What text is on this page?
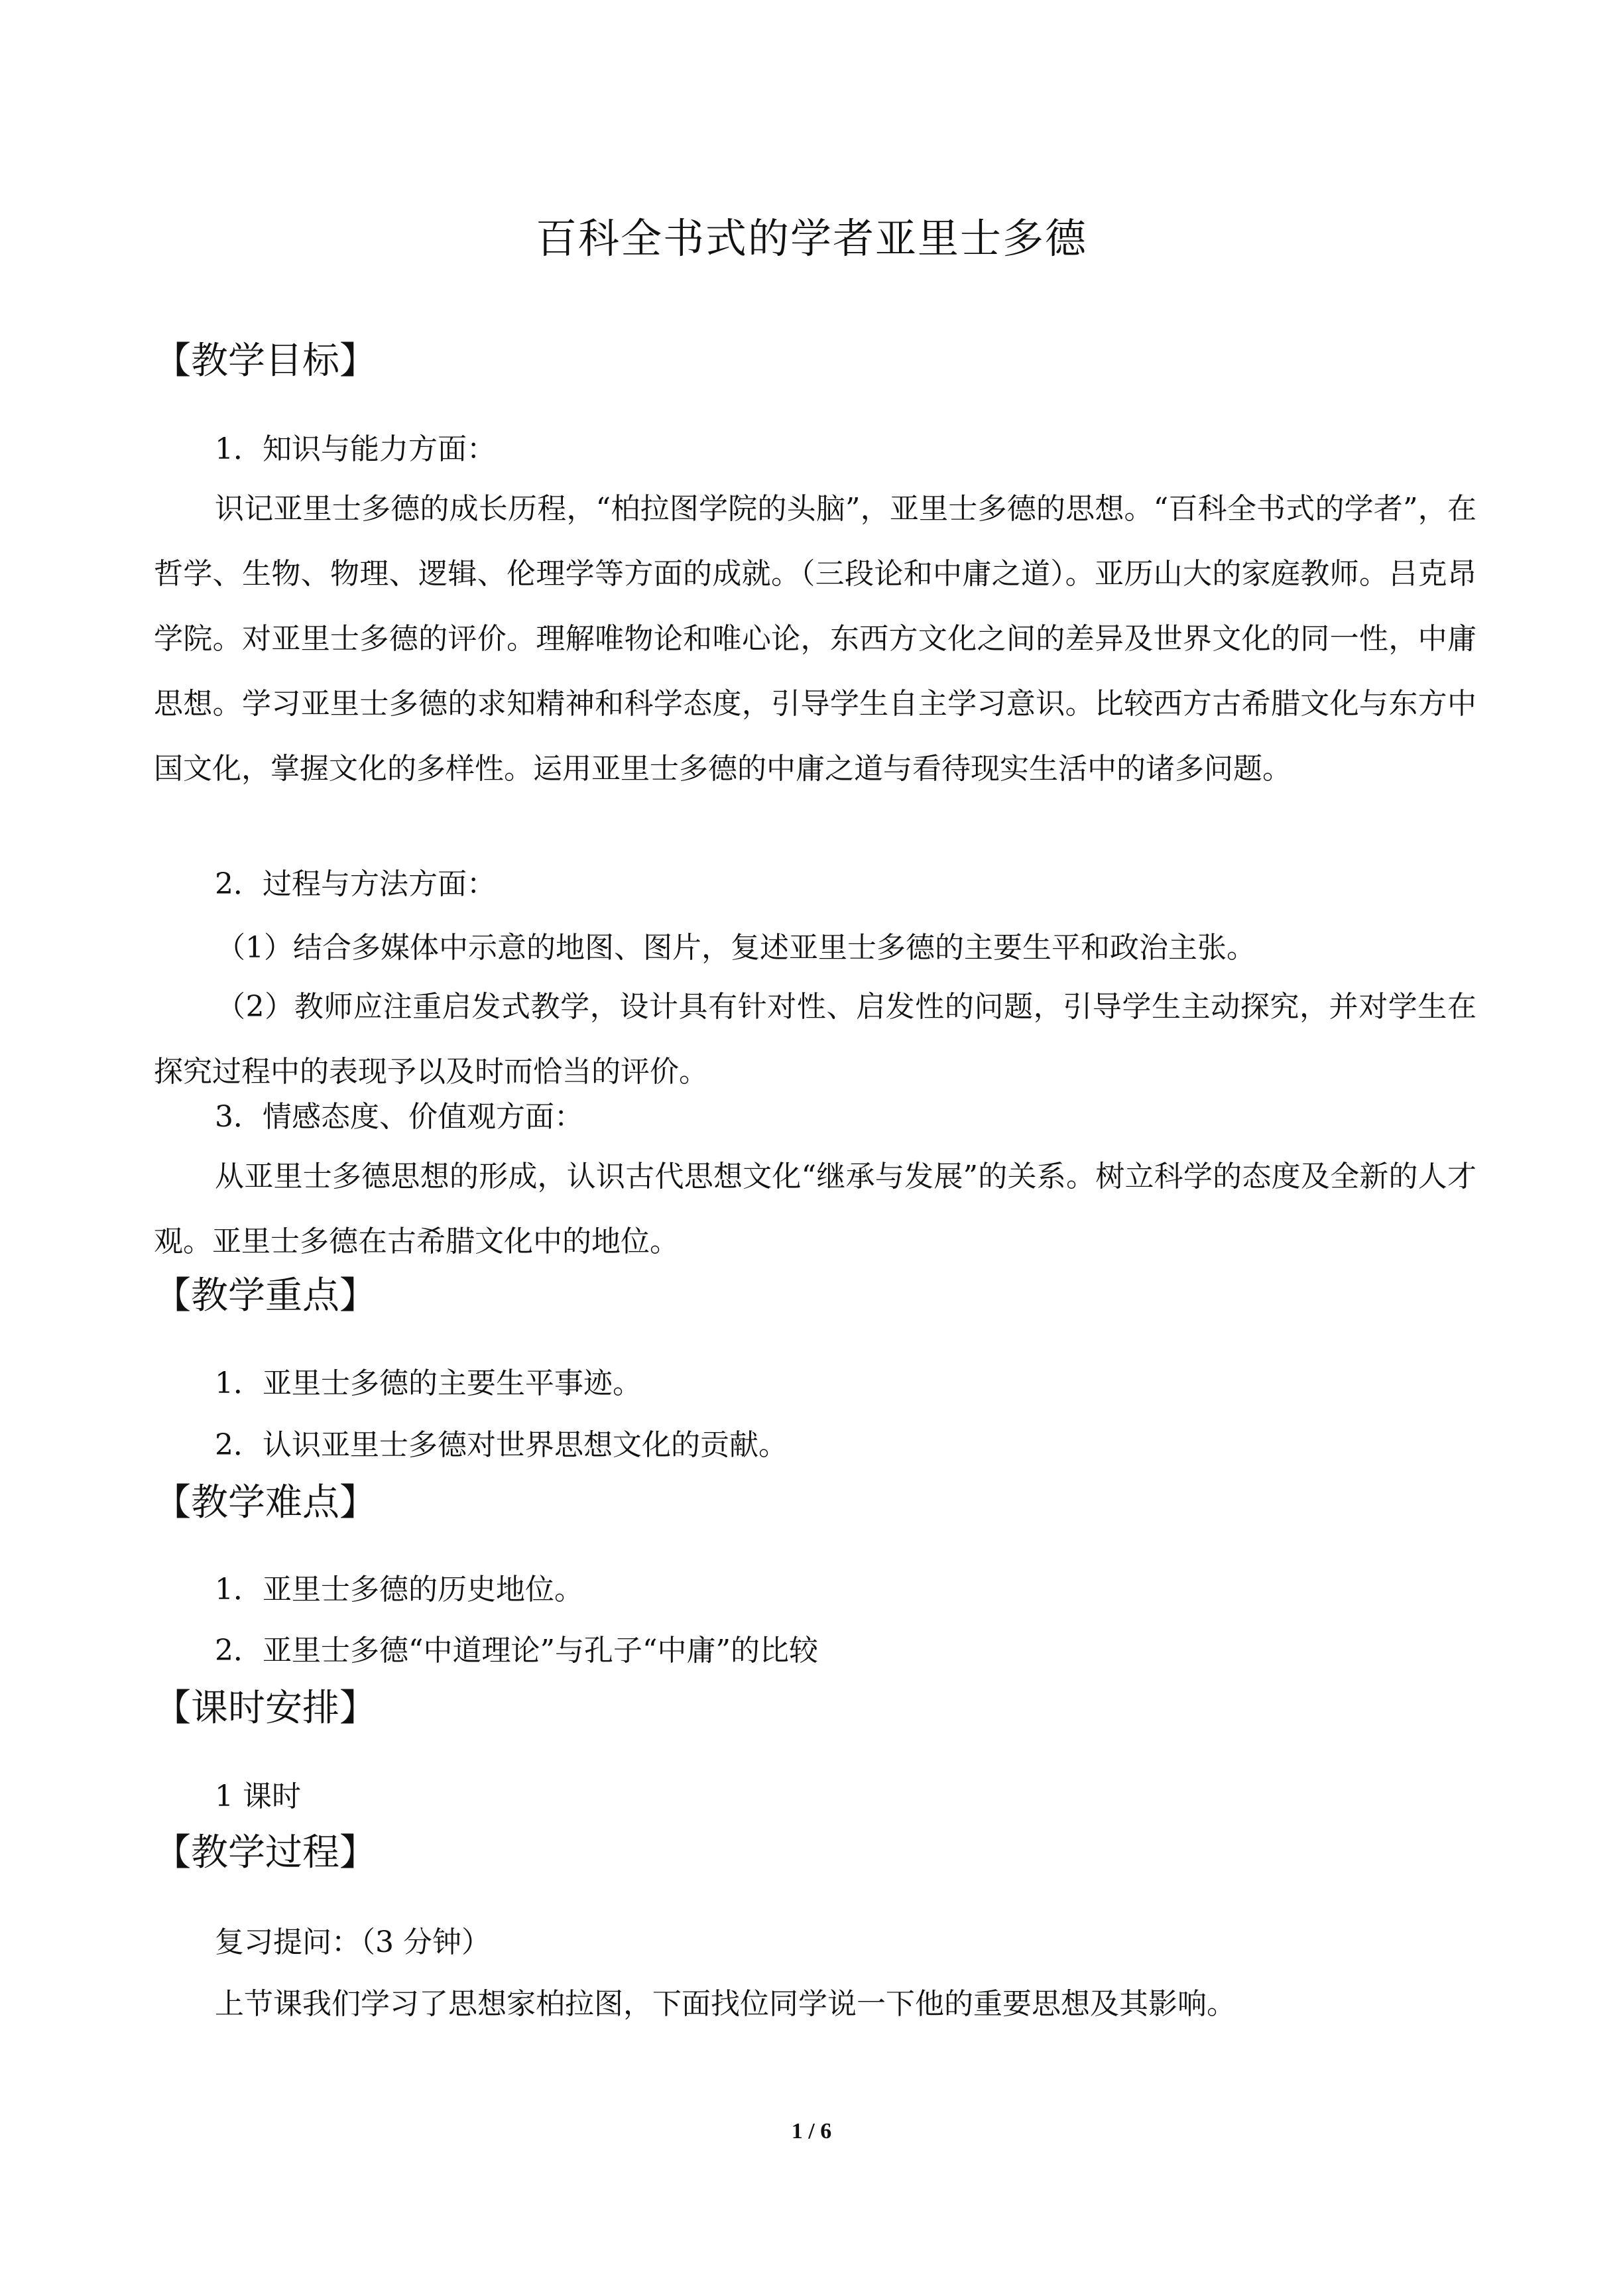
百科全书式的学者亚里士多德
【教学目标】
1．知识与能力方面：
识记亚里士多德的成长历程，“柏拉图学院的头脑”，亚里士多德的思想。“百科全书式的学者”，在哲学、生物、物理、逻辑、伦理学等方面的成就。（三段论和中庸之道）。亚历山大的家庭教师。吕克昂学院。对亚里士多德的评价。理解唯物论和唯心论，东西方文化之间的差异及世界文化的同一性，中庸思想。学习亚里士多德的求知精神和科学态度，引导学生自主学习意识。比较西方古希腊文化与东方中国文化，掌握文化的多样性。运用亚里士多德的中庸之道与看待现实生活中的诸多问题。
2．过程与方法方面：
（1）结合多媒体中示意的地图、图片，复述亚里士多德的主要生平和政治主张。
（2）教师应注重启发式教学，设计具有针对性、启发性的问题，引导学生主动探究，并对学生在探究过程中的表现予以及时而恰当的评价。
3．情感态度、价值观方面：
从亚里士多德思想的形成，认识古代思想文化“继承与发展”的关系。树立科学的态度及全新的人才观。亚里士多德在古希腊文化中的地位。
【教学重点】
1．亚里士多德的主要生平事迹。
2．认识亚里士多德对世界思想文化的贡献。
【教学难点】
1．亚里士多德的历史地位。
2．亚里士多德“中道理论”与孔子“中庸”的比较
【课时安排】
1 课时
【教学过程】
复习提问：（3 分钟）
上节课我们学习了思想家柏拉图，下面找位同学说一下他的重要思想及其影响。
1 / 6
